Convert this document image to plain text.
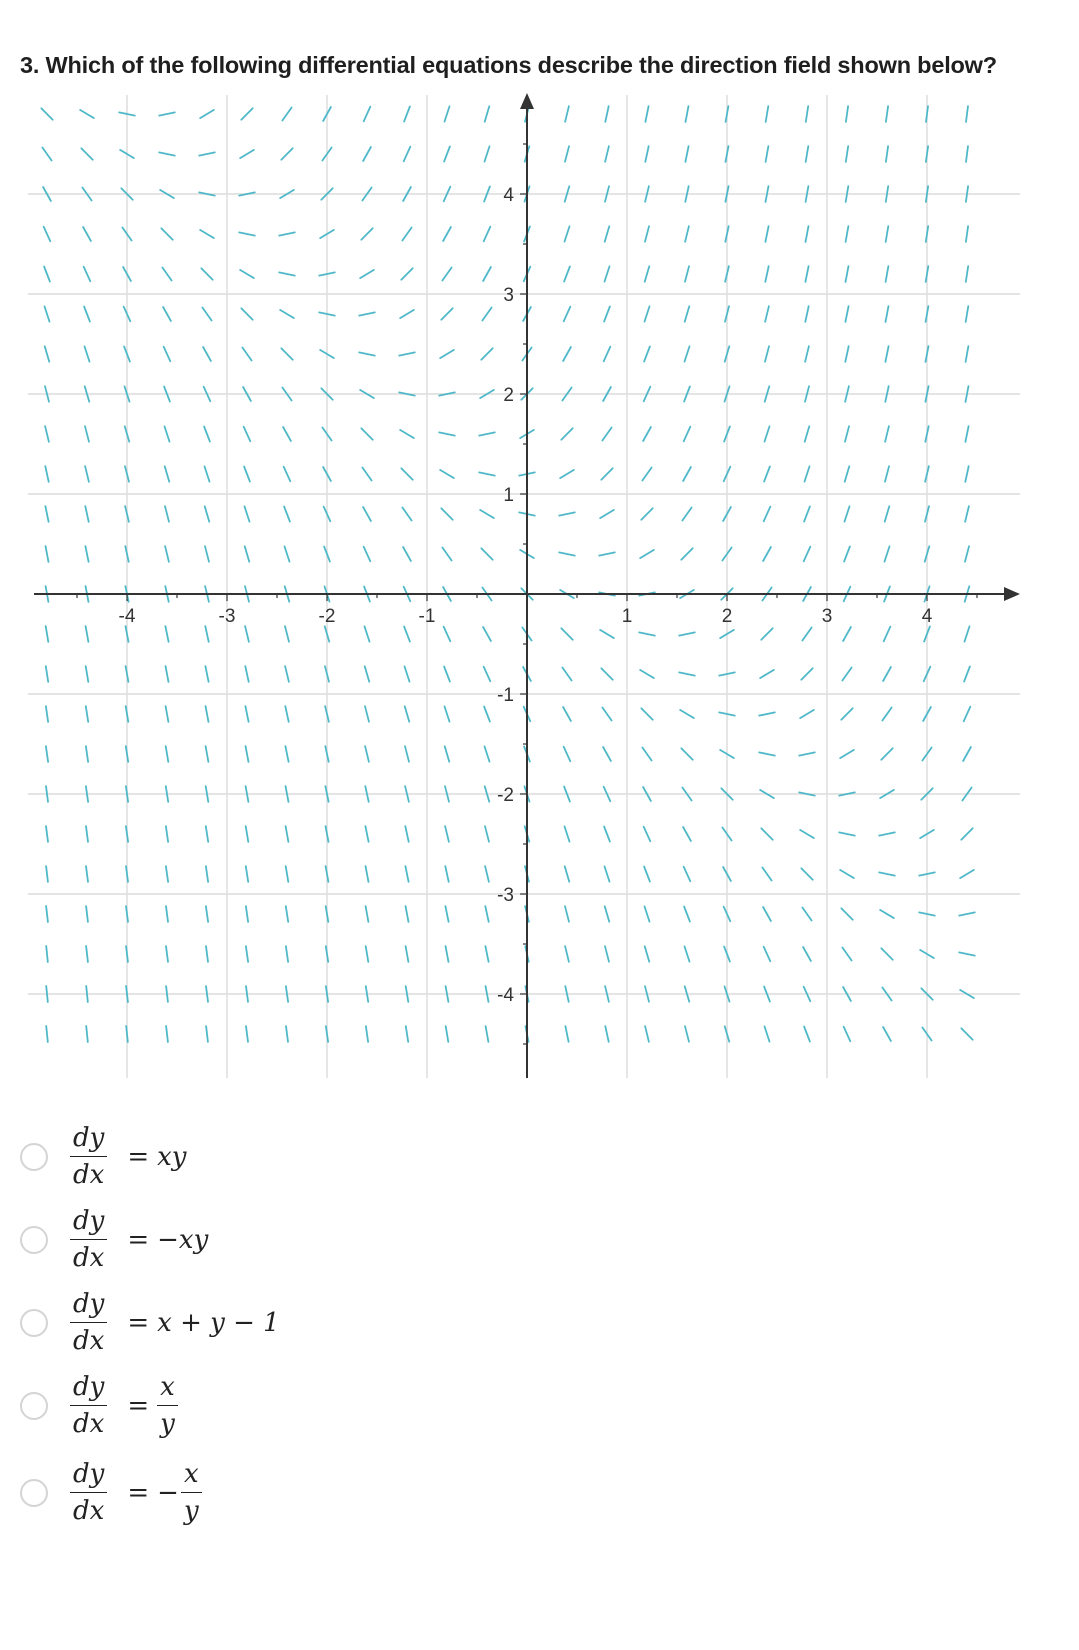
3. Which of the following differential equations describe the direction field shown below?
-4	-3	-2	-1	1	2	3	4
4
3
2
1
-1
-2
-3
-4
$\frac{dy}{dx}$ = xy
$\frac{dy}{dx} = -xy$
$\frac{dy}{dx} = x + y - 1$
$\frac{dy}{dx} = \frac{x}{y}$
$\frac{dy}{dx}$ = − $\frac{x}{y}$
